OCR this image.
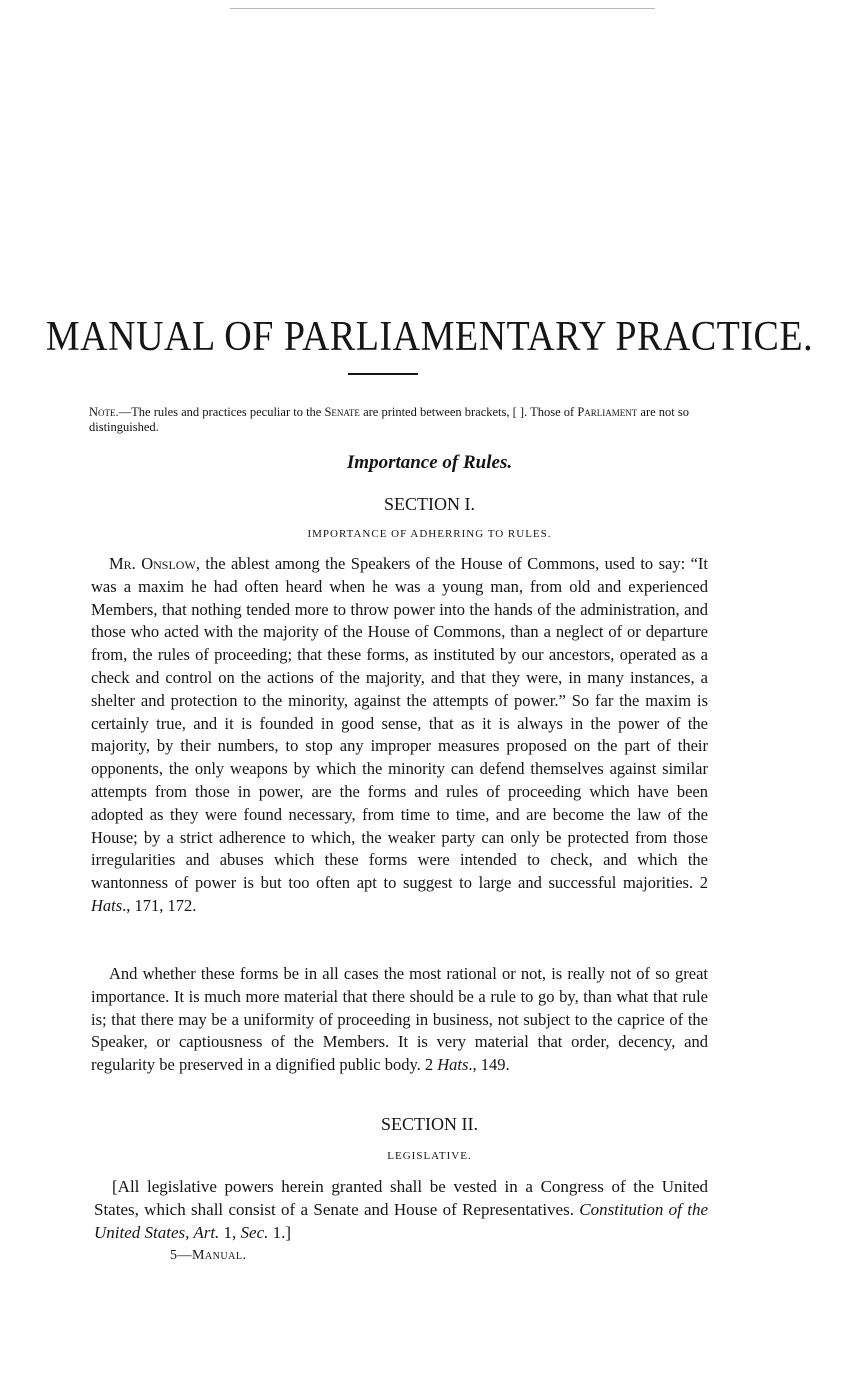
MANUAL OF PARLIAMENTARY PRACTICE.

Note.—The rules and practices peculiar to the Senate are printed between brackets, [ ]. Those of Parliament are not so distinguished.

Importance of Rules.
SECTION I.
IMPORTANCE OF ADHERRING TO RULES.

Mr. Onslow, the ablest among the Speakers of the House of Commons, used to say: “It was a maxim he had often heard when he was a young man, from old and experienced Members, that nothing tended more to throw power into the hands of the administration, and those who acted with the majority of the House of Commons, than a neglect of or departure from, the rules of proceeding; that these forms, as instituted by our ancestors, operated as a check and control on the actions of the majority, and that they were, in many instances, a shelter and protection to the minority, against the attempts of power.” So far the maxim is certainly true, and it is founded in good sense, that as it is always in the power of the majority, by their numbers, to stop any improper measures proposed on the part of their opponents, the only weapons by which the minority can defend themselves against similar attempts from those in power, are the forms and rules of proceeding which have been adopted as they were found necessary, from time to time, and are become the law of the House; by a strict adherence to which, the weaker party can only be protected from those irregularities and abuses which these forms were intended to check, and which the wantonness of power is but too often apt to suggest to large and successful majorities. 2 Hats., 171, 172.

And whether these forms be in all cases the most rational or not, is really not of so great importance. It is much more material that there should be a rule to go by, than what that rule is; that there may be a uniformity of proceeding in business, not subject to the caprice of the Speaker, or captiousness of the Members. It is very material that order, decency, and regularity be preserved in a dignified public body. 2 Hats., 149.

SECTION II.
LEGISLATIVE.

[All legislative powers herein granted shall be vested in a Congress of the United States, which shall consist of a Senate and House of Representatives. Constitution of the United States, Art. 1, Sec. 1.]

5—Manual.
